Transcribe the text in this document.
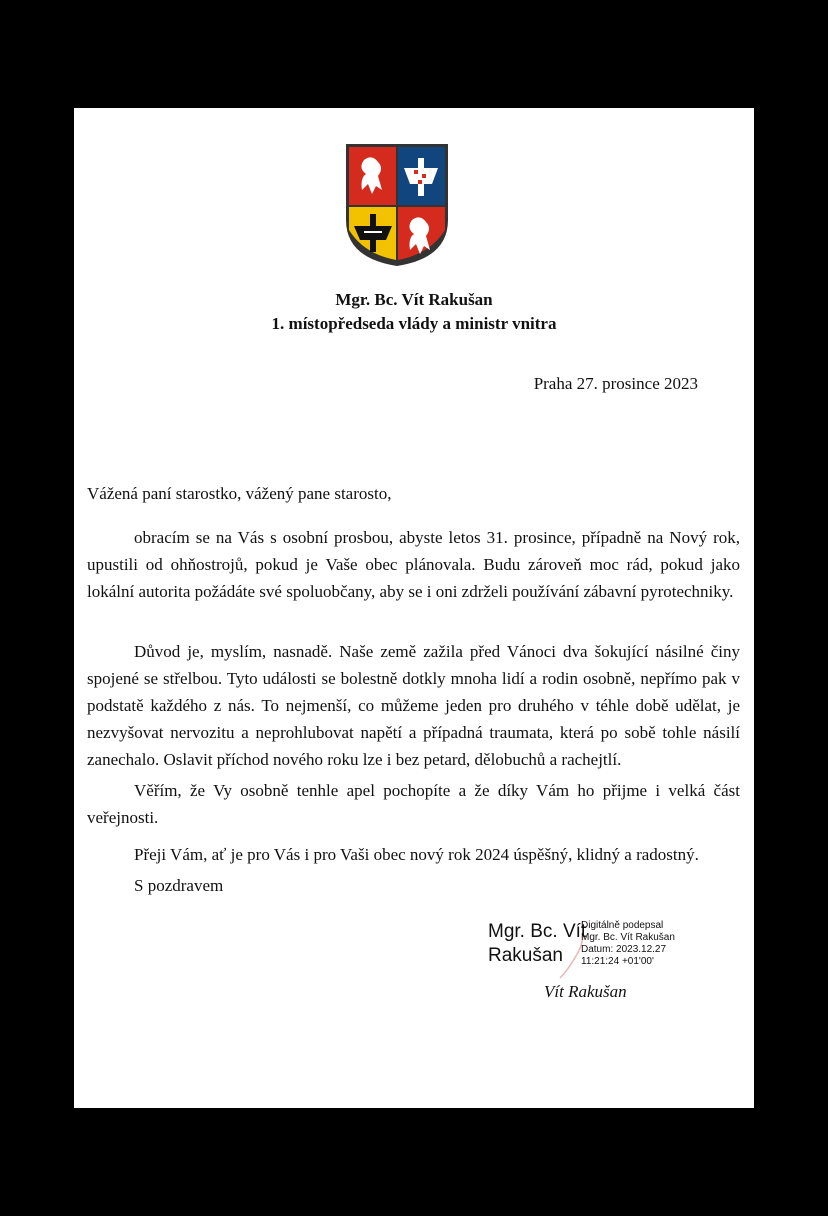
Mgr. Bc. Vít Rakušan
1. místopředseda vlády a ministr vnitra
Praha 27. prosince 2023
Vážená paní starostko, vážený pane starosto,

obracím se na Vás s osobní prosbou, abyste letos 31. prosince, případně na Nový rok, upustili od ohňostrojů, pokud je Vaše obec plánovala. Budu zároveň moc rád, pokud jako lokální autorita požádáte své spoluobčany, aby se i oni zdrželi používání zábavní pyrotechniky.

Důvod je, myslím, nasnadě. Naše země zažila před Vánoci dva šokující násilné činy spojené se střelbou. Tyto události se bolestně dotkly mnoha lidí a rodin osobně, nepřímo pak v podstatě každého z nás. To nejmenší, co můžeme jeden pro druhého v téhle době udělat, je nezvyšovat nervozitu a neprohlubovat napětí a případná traumata, která po sobě tohle násilí zanechalo. Oslavit příchod nového roku lze i bez petard, dělobuchů a rachejtlí.

Věřím, že Vy osobně tenhle apel pochopíte a že díky Vám ho přijme i velká část veřejnosti.

Přeji Vám, ať je pro Vás i pro Vaši obec nový rok 2024 úspěšný, klidný a radostný.

S pozdravem
Mgr. Bc. Vít
Rakušan
Digitálně podepsal
Mgr. Bc. Vít Rakušan
Datum: 2023.12.27
11:21:24 +01'00'
Vít Rakušan
